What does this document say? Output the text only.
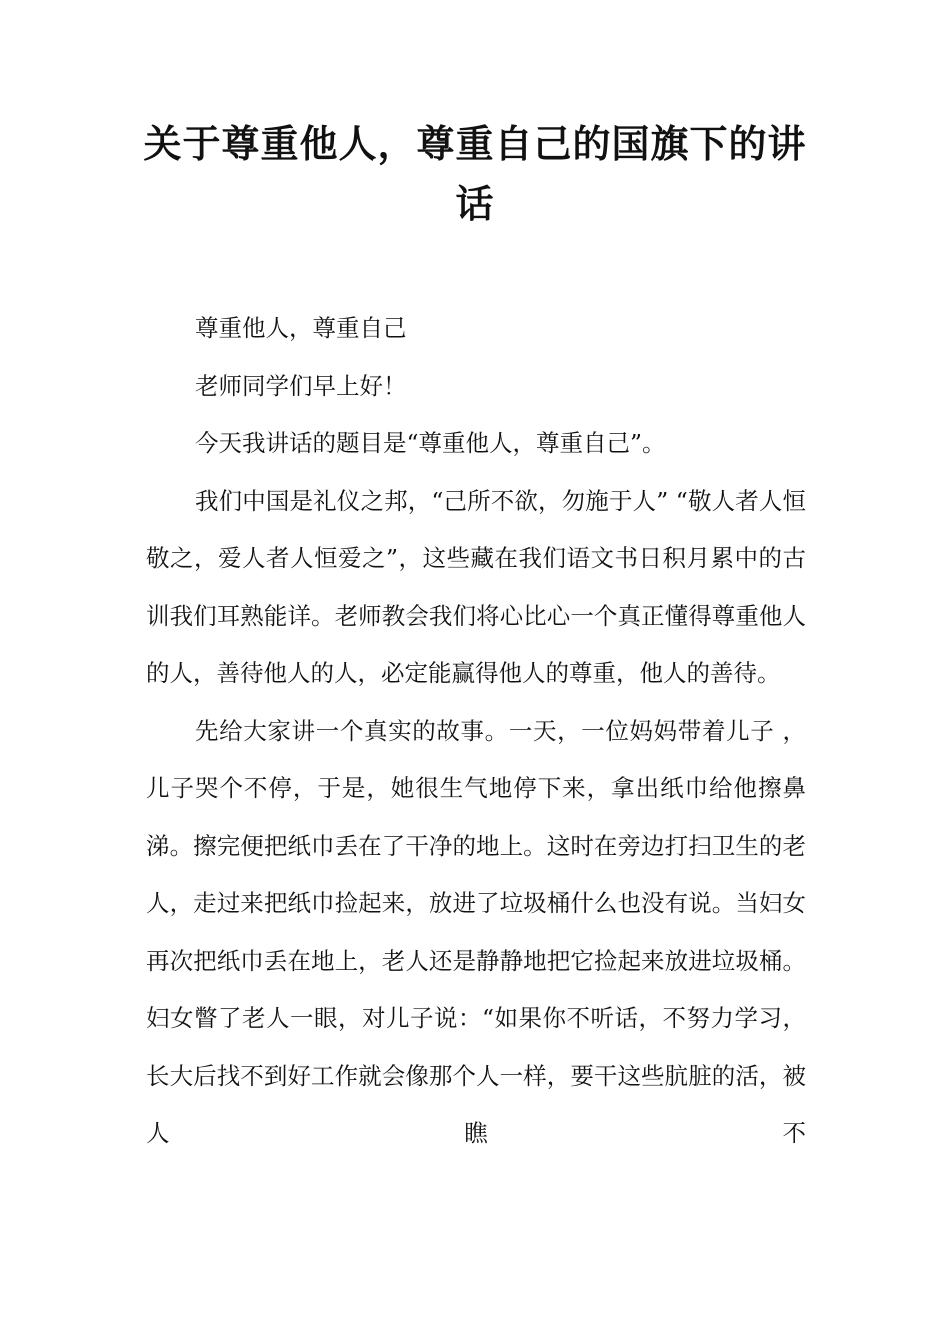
关于尊重他人，尊重自己的国旗下的讲话

尊重他人，尊重自己

老师同学们早上好！

今天我讲话的题目是“尊重他人，尊重自己”。

我们中国是礼仪之邦，“己所不欲，勿施于人” “敬人者人恒敬之，爱人者人恒爱之”，这些藏在我们语文书日积月累中的古训我们耳熟能详。老师教会我们将心比心一个真正懂得尊重他人的人，善待他人的人，必定能赢得他人的尊重，他人的善待。

先给大家讲一个真实的故事。一天，一位妈妈带着儿子 ，儿子哭个不停，于是，她很生气地停下来，拿出纸巾给他擦鼻涕。擦完便把纸巾丢在了干净的地上。这时在旁边打扫卫生的老人，走过来把纸巾捡起来，放进了垃圾桶什么也没有说。当妇女再次把纸巾丢在地上，老人还是静静地把它捡起来放进垃圾桶。妇女瞥了老人一眼，对儿子说：“如果你不听话，不努力学习，长大后找不到好工作就会像那个人一样，要干这些肮脏的活，被人瞧不
